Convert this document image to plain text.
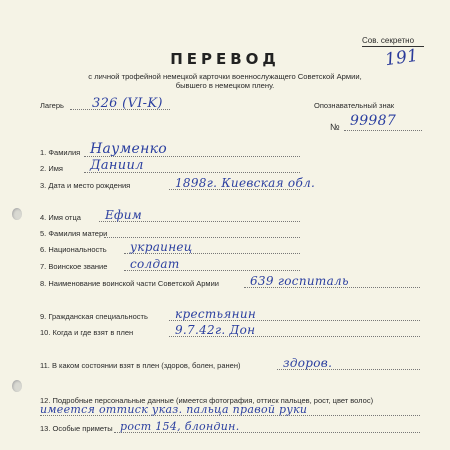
Сов. секретно
191
ПЕРЕВОД
с личной трофейной немецкой карточки военнослужащего Советской Армии,
бывшего в немецком плену.
Лагерь 326 (VI-K)	Опознавательный знак
№ 99987
1. Фамилия Науменко
2. Имя Даниил
3. Дата и место рождения	1898г. Киевская обл.
4. Имя отца Ефим
5. Фамилия матери
6. Национальность украинец
7. Воинское звание солдат
8. Наименование воинской части Советской Армии	639 госпиталь
9. Гражданская специальность крестьянин
10. Когда и где взят в плен	9.7.42г. Дон
11. В каком состоянии взят в плен (здоров, болен, ранен)	здоров.
12. Подробные персональные данные (имеется фотография, оттиск пальцев, рост, цвет волос)
имеется оттиск указ. пальца правой руки
13. Особые приметы рост 154, блондин.
